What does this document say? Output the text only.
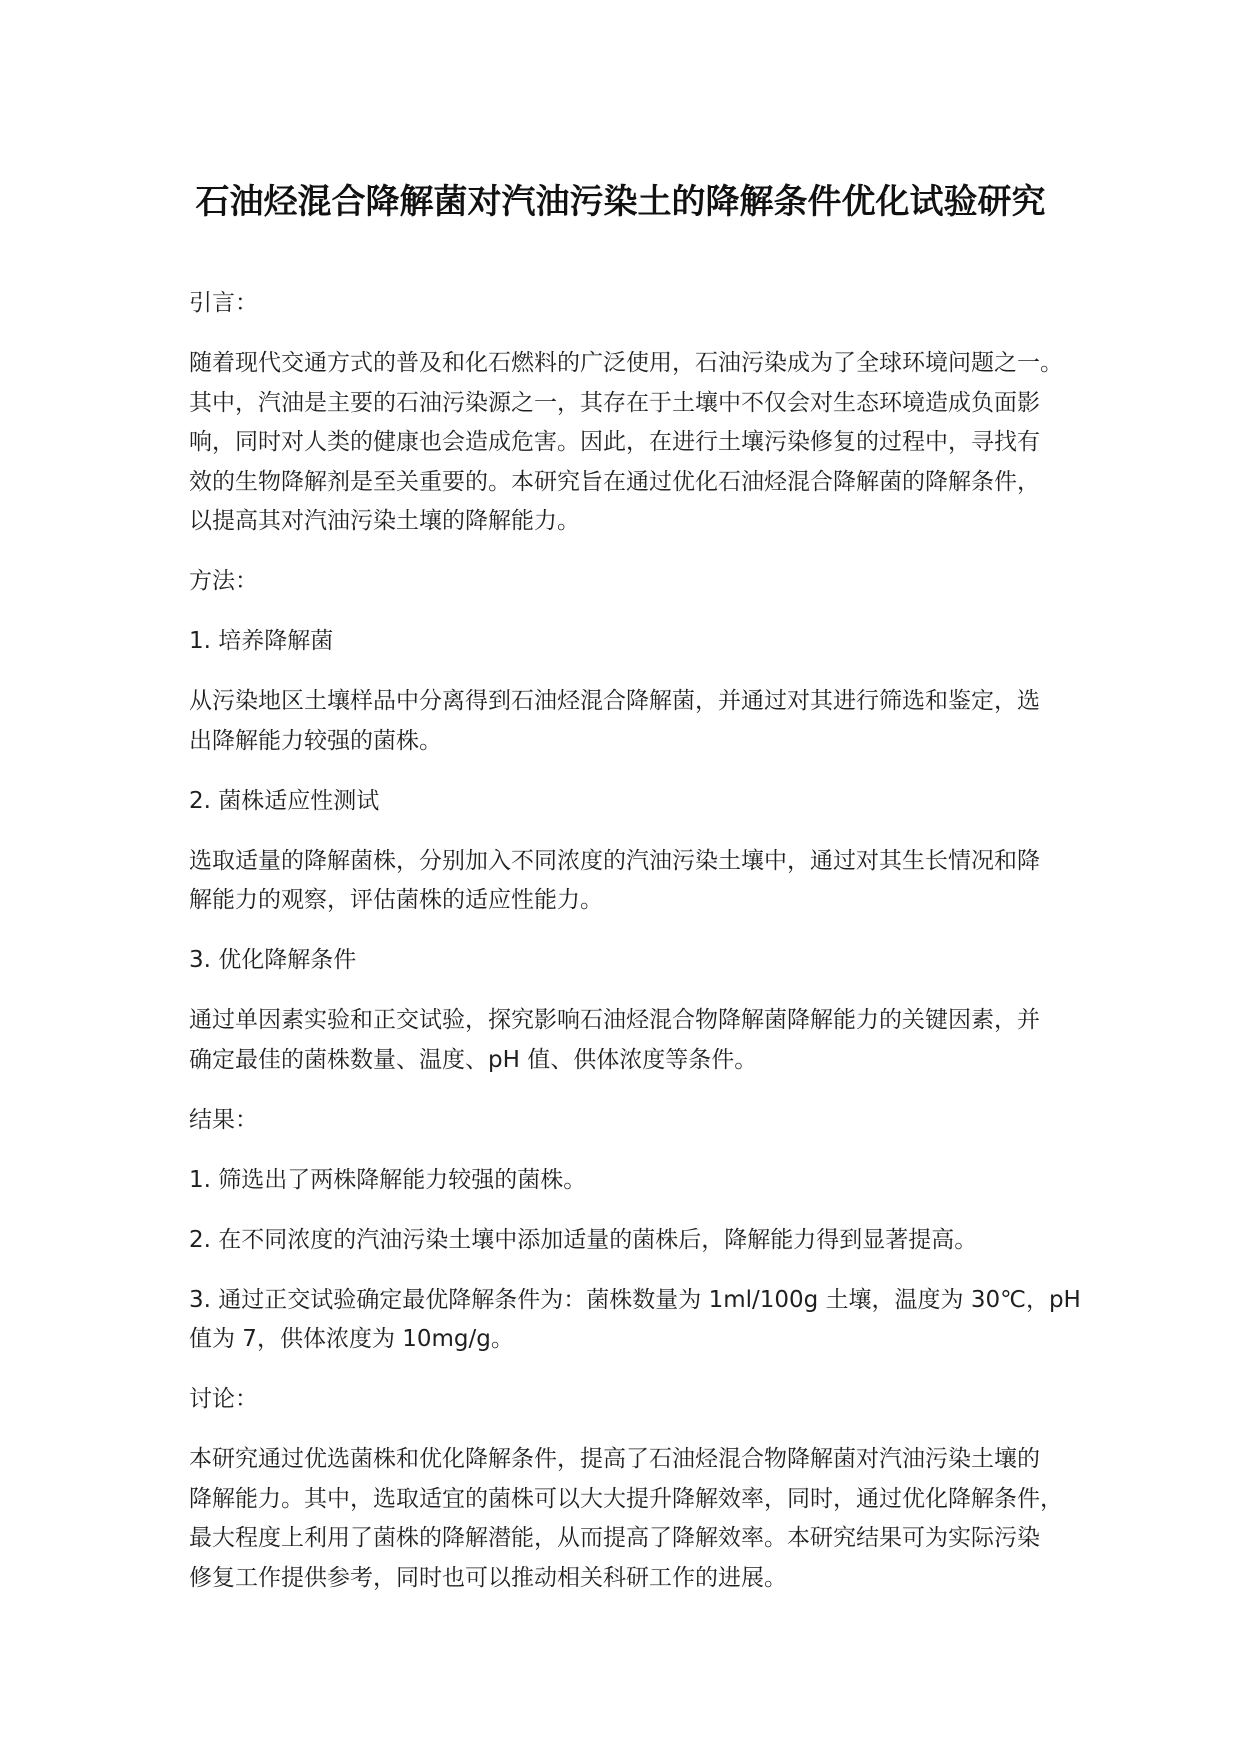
石油烃混合降解菌对汽油污染土的降解条件优化试验研究
引言：
随着现代交通方式的普及和化石燃料的广泛使用，石油污染成为了全球环境问题之一。
其中，汽油是主要的石油污染源之一，其存在于土壤中不仅会对生态环境造成负面影
响，同时对人类的健康也会造成危害。因此，在进行土壤污染修复的过程中，寻找有
效的生物降解剂是至关重要的。本研究旨在通过优化石油烃混合降解菌的降解条件，
以提高其对汽油污染土壤的降解能力。
方法：
1. 培养降解菌
从污染地区土壤样品中分离得到石油烃混合降解菌，并通过对其进行筛选和鉴定，选
出降解能力较强的菌株。
2. 菌株适应性测试
选取适量的降解菌株，分别加入不同浓度的汽油污染土壤中，通过对其生长情况和降
解能力的观察，评估菌株的适应性能力。
3. 优化降解条件
通过单因素实验和正交试验，探究影响石油烃混合物降解菌降解能力的关键因素，并
确定最佳的菌株数量、温度、pH 值、供体浓度等条件。
结果：
1. 筛选出了两株降解能力较强的菌株。
2. 在不同浓度的汽油污染土壤中添加适量的菌株后，降解能力得到显著提高。
3. 通过正交试验确定最优降解条件为：菌株数量为 1ml/100g 土壤，温度为 30℃，pH
值为 7，供体浓度为 10mg/g。
讨论：
本研究通过优选菌株和优化降解条件，提高了石油烃混合物降解菌对汽油污染土壤的
降解能力。其中，选取适宜的菌株可以大大提升降解效率，同时，通过优化降解条件，
最大程度上利用了菌株的降解潜能，从而提高了降解效率。本研究结果可为实际污染
修复工作提供参考，同时也可以推动相关科研工作的进展。
